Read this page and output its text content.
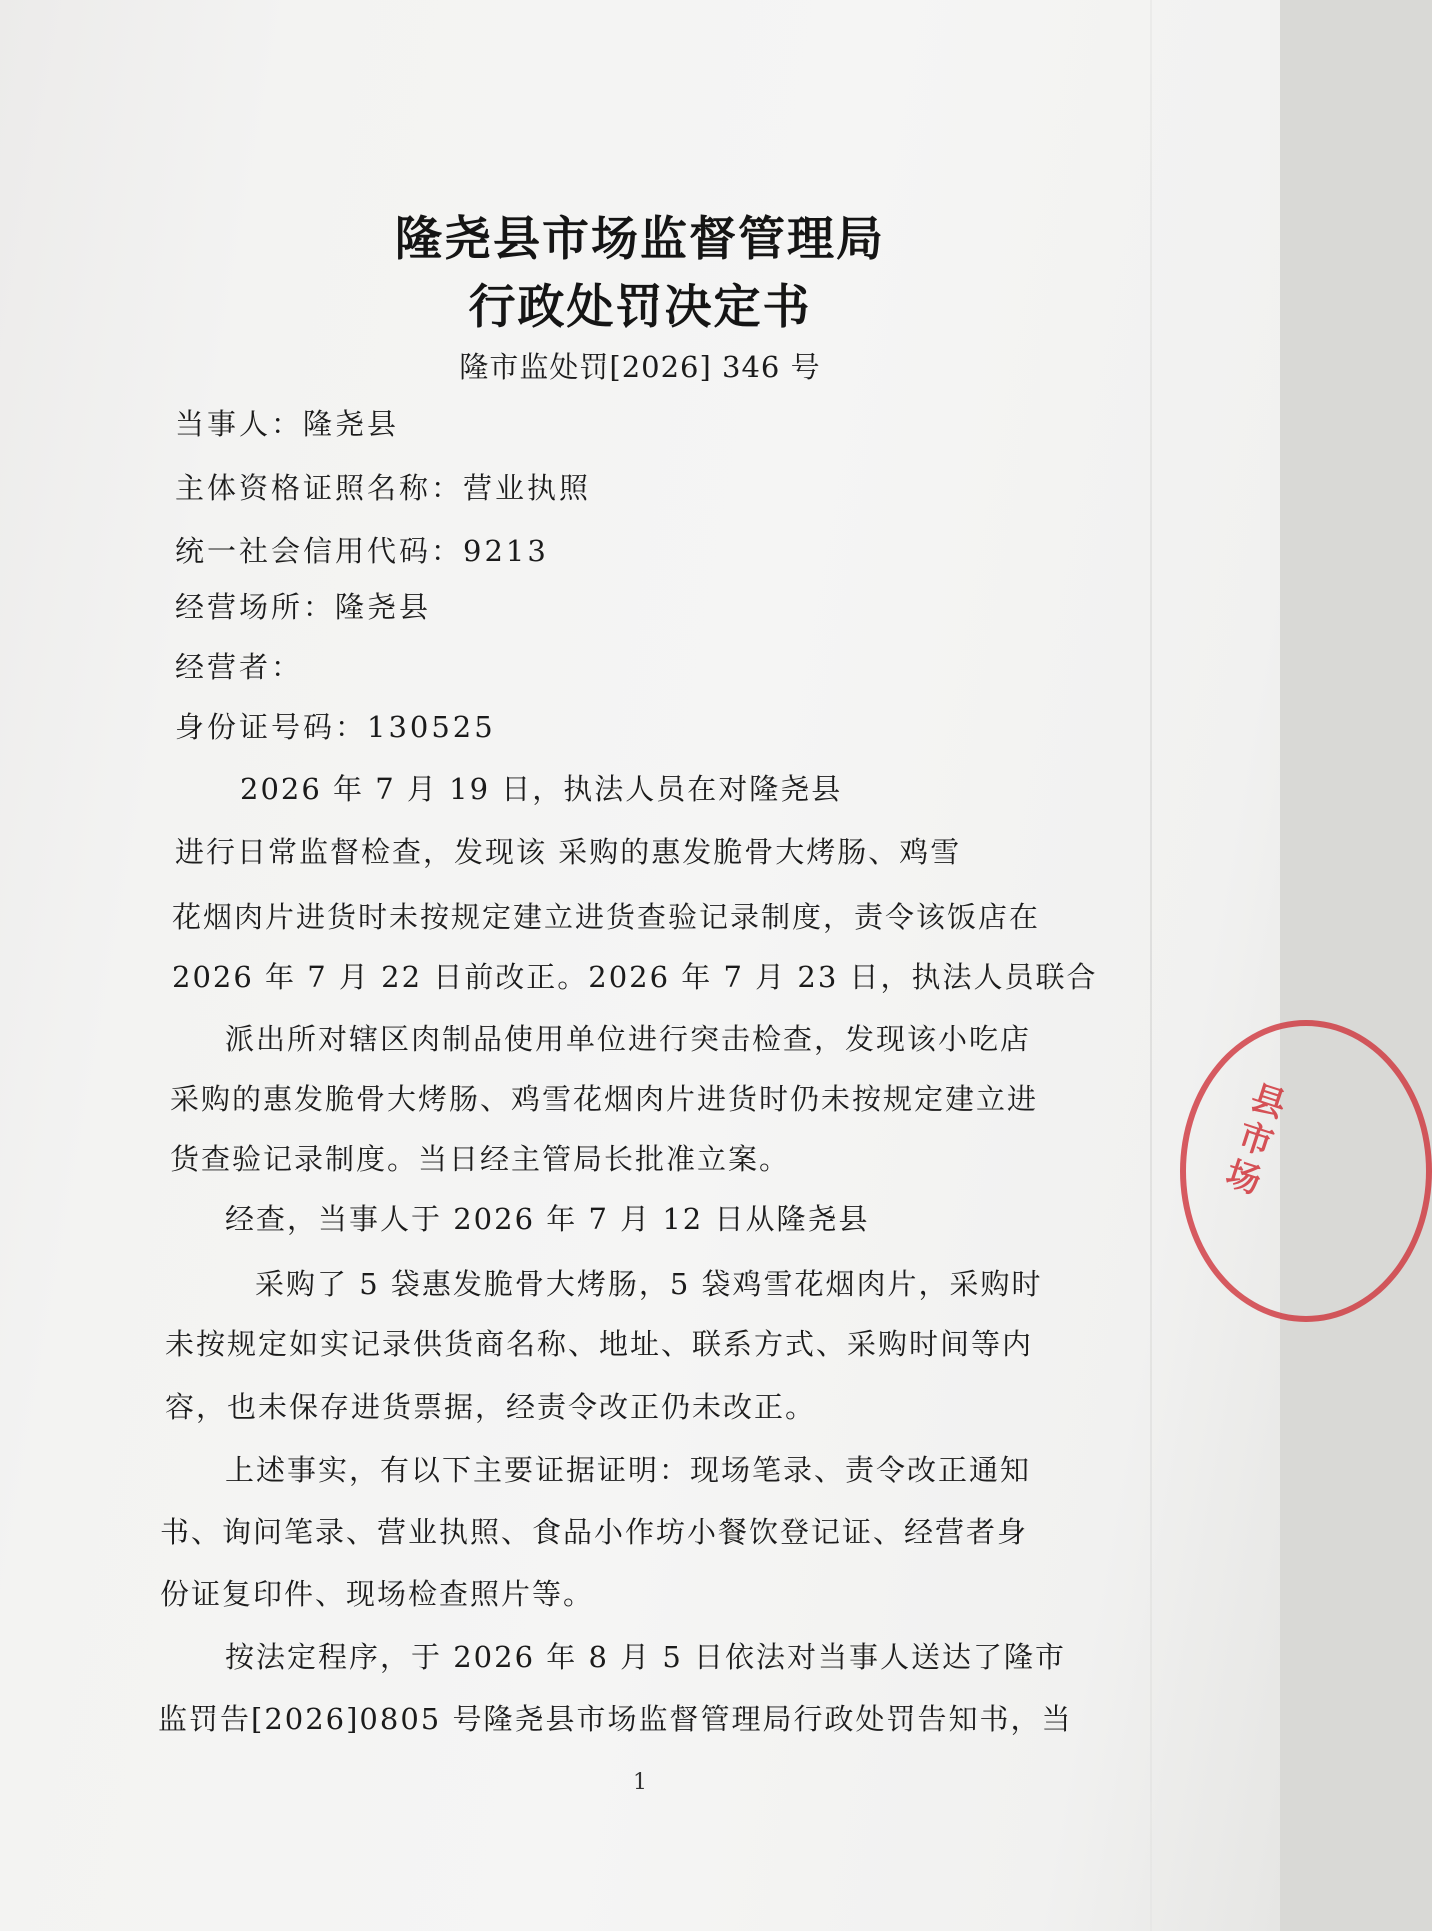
隆尧县市场监督管理局
行政处罚决定书
隆市监处罚[2026] 346 号
当事人：隆尧县
主体资格证照名称：营业执照
统一社会信用代码：9213
经营场所：隆尧县
经营者：
身份证号码：130525
2026 年 7 月 19 日，执法人员在对隆尧县
进行日常监督检查，发现该 采购的惠发脆骨大烤肠、鸡雪
花烟肉片进货时未按规定建立进货查验记录制度，责令该饭店在
2026 年 7 月 22 日前改正。2026 年 7 月 23 日，执法人员联合
派出所对辖区肉制品使用单位进行突击检查，发现该小吃店
采购的惠发脆骨大烤肠、鸡雪花烟肉片进货时仍未按规定建立进
货查验记录制度。当日经主管局长批准立案。
经查，当事人于 2026 年 7 月 12 日从隆尧县
采购了 5 袋惠发脆骨大烤肠，5 袋鸡雪花烟肉片，采购时
未按规定如实记录供货商名称、地址、联系方式、采购时间等内
容，也未保存进货票据，经责令改正仍未改正。
上述事实，有以下主要证据证明：现场笔录、责令改正通知
书、询问笔录、营业执照、食品小作坊小餐饮登记证、经营者身
份证复印件、现场检查照片等。
按法定程序，于 2026 年 8 月 5 日依法对当事人送达了隆市
监罚告[2026]0805 号隆尧县市场监督管理局行政处罚告知书，当
县市场
1
